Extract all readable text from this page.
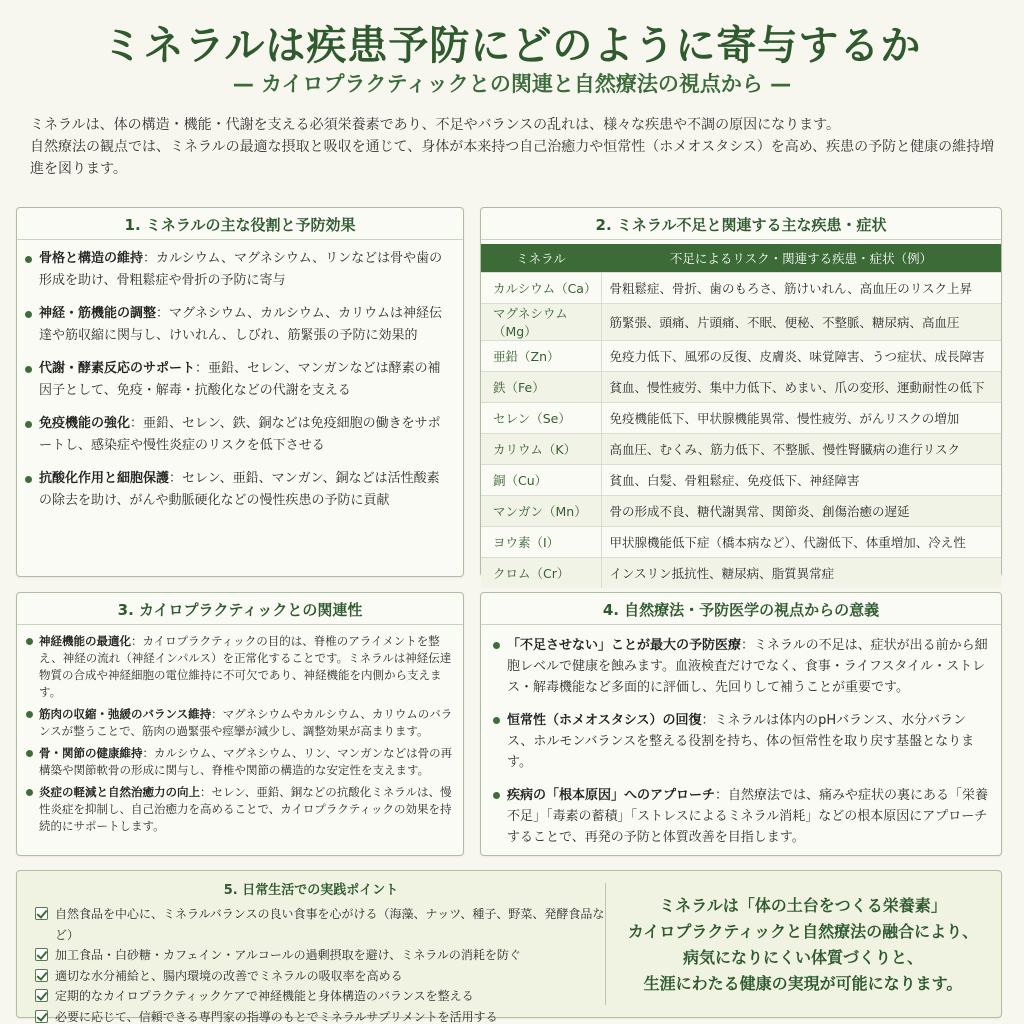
ミネラルは疾患予防にどのように寄与するか
— カイロプラクティックとの関連と自然療法の視点から —
ミネラルは、体の構造・機能・代謝を支える必須栄養素であり、不足やバランスの乱れは、様々な疾患や不調の原因になります。
自然療法の観点では、ミネラルの最適な摂取と吸収を通じて、身体が本来持つ自己治癒力や恒常性（ホメオスタシス）を高め、疾患の予防と健康の維持増進を図ります。
1. ミネラルの主な役割と予防効果
骨格と構造の維持：カルシウム、マグネシウム、リンなどは骨や歯の形成を助け、骨粗鬆症や骨折の予防に寄与
神経・筋機能の調整：マグネシウム、カルシウム、カリウムは神経伝達や筋収縮に関与し、けいれん、しびれ、筋緊張の予防に効果的
代謝・酵素反応のサポート：亜鉛、セレン、マンガンなどは酵素の補因子として、免疫・解毒・抗酸化などの代謝を支える
免疫機能の強化：亜鉛、セレン、鉄、銅などは免疫細胞の働きをサポートし、感染症や慢性炎症のリスクを低下させる
抗酸化作用と細胞保護：セレン、亜鉛、マンガン、銅などは活性酸素の除去を助け、がんや動脈硬化などの慢性疾患の予防に貢献
2. ミネラル不足と関連する主な疾患・症状
ミネラル	不足によるリスク・関連する疾患・症状（例）
カルシウム（Ca）	骨粗鬆症、骨折、歯のもろさ、筋けいれん、高血圧のリスク上昇
マグネシウム（Mg）	筋緊張、頭痛、片頭痛、不眠、便秘、不整脈、糖尿病、高血圧
亜鉛（Zn）	免疫力低下、風邪の反復、皮膚炎、味覚障害、うつ症状、成長障害
鉄（Fe）	貧血、慢性疲労、集中力低下、めまい、爪の変形、運動耐性の低下
セレン（Se）	免疫機能低下、甲状腺機能異常、慢性疲労、がんリスクの増加
カリウム（K）	高血圧、むくみ、筋力低下、不整脈、慢性腎臓病の進行リスク
銅（Cu）	貧血、白髪、骨粗鬆症、免疫低下、神経障害
マンガン（Mn）	骨の形成不良、糖代謝異常、関節炎、創傷治癒の遅延
ヨウ素（I）	甲状腺機能低下症（橋本病など）、代謝低下、体重増加、冷え性
クロム（Cr）	インスリン抵抗性、糖尿病、脂質異常症
3. カイロプラクティックとの関連性
神経機能の最適化：カイロプラクティックの目的は、脊椎のアライメントを整え、神経の流れ（神経インパルス）を正常化することです。ミネラルは神経伝達物質の合成や神経細胞の電位維持に不可欠であり、神経機能を内側から支えます。
筋肉の収縮・弛緩のバランス維持：マグネシウムやカルシウム、カリウムのバランスが整うことで、筋肉の過緊張や痙攣が減少し、調整効果が高まります。
骨・関節の健康維持：カルシウム、マグネシウム、リン、マンガンなどは骨の再構築や関節軟骨の形成に関与し、脊椎や関節の構造的な安定性を支えます。
炎症の軽減と自然治癒力の向上：セレン、亜鉛、銅などの抗酸化ミネラルは、慢性炎症を抑制し、自己治癒力を高めることで、カイロプラクティックの効果を持続的にサポートします。
4. 自然療法・予防医学の視点からの意義
「不足させない」ことが最大の予防医療：ミネラルの不足は、症状が出る前から細胞レベルで健康を蝕みます。血液検査だけでなく、食事・ライフスタイル・ストレス・解毒機能など多面的に評価し、先回りして補うことが重要です。
恒常性（ホメオスタシス）の回復：ミネラルは体内のpHバランス、水分バランス、ホルモンバランスを整える役割を持ち、体の恒常性を取り戻す基盤となります。
疾病の「根本原因」へのアプローチ：自然療法では、痛みや症状の裏にある「栄養不足」「毒素の蓄積」「ストレスによるミネラル消耗」などの根本原因にアプローチすることで、再発の予防と体質改善を目指します。
5. 日常生活での実践ポイント
自然食品を中心に、ミネラルバランスの良い食事を心がける（海藻、ナッツ、種子、野菜、発酵食品など）
加工食品・白砂糖・カフェイン・アルコールの過剰摂取を避け、ミネラルの消耗を防ぐ
適切な水分補給と、腸内環境の改善でミネラルの吸収率を高める
定期的なカイロプラクティックケアで神経機能と身体構造のバランスを整える
必要に応じて、信頼できる専門家の指導のもとでミネラルサプリメントを活用する
ミネラルは「体の土台をつくる栄養素」
カイロプラクティックと自然療法の融合により、
病気になりにくい体質づくりと、
生涯にわたる健康の実現が可能になります。
